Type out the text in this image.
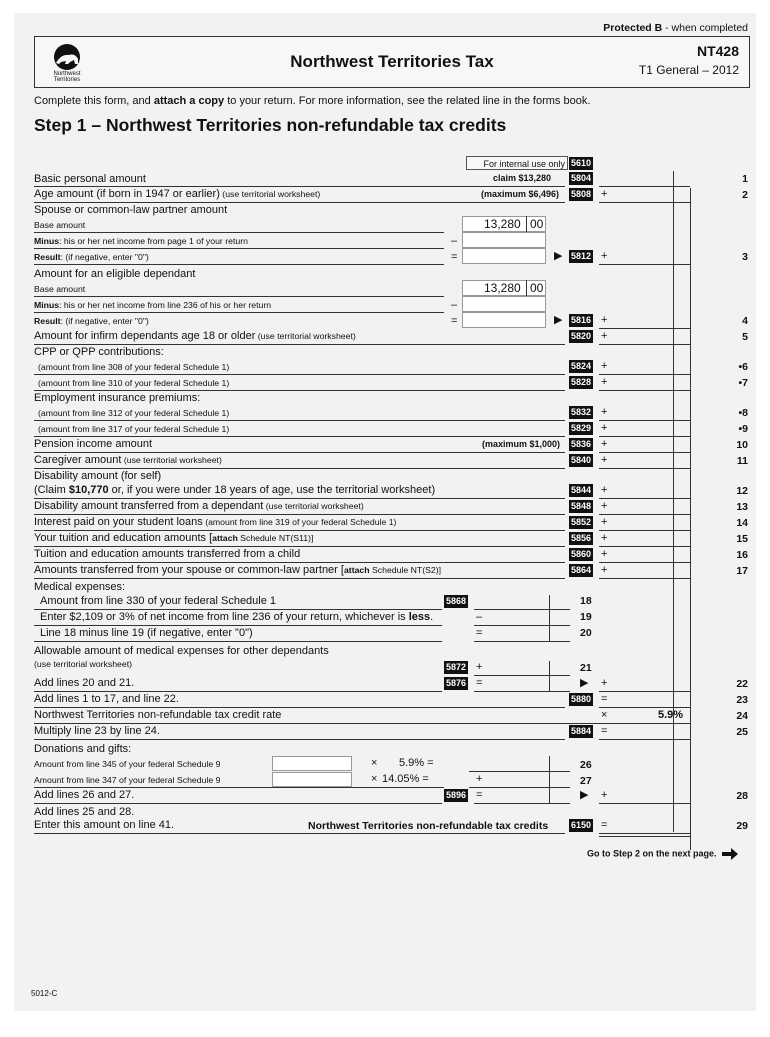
Protected B - when completed
Northwest Territories
Northwest Territories Tax
NT428
T1 General – 2012
Complete this form, and attach a copy to your return. For more information, see the related line in the forms book.
Step 1 – Northwest Territories non-refundable tax credits
For internal use only 5610
Basic personal amount	claim $13,280 5804	1
Age amount (if born in 1947 or earlier) (use territorial worksheet)	(maximum $6,496) 5808 +	2
Spouse or common-law partner amount
Base amount	13,280 00
Minus: his or her net income from page 1 of your return	–
Result: (if negative, enter "0")	=	▶ 5812 +	3
Amount for an eligible dependant
Base amount	13,280 00
Minus: his or her net income from line 236 of his or her return	–
Result: (if negative, enter "0")	=	▶ 5816 +	4
Amount for infirm dependants age 18 or older (use territorial worksheet)	5820 +	5
CPP or QPP contributions:
(amount from line 308 of your federal Schedule 1)	5824 +	•6
(amount from line 310 of your federal Schedule 1)	5828 +	•7
Employment insurance premiums:
(amount from line 312 of your federal Schedule 1)	5832 +	•8
(amount from line 317 of your federal Schedule 1)	5829 +	•9
Pension income amount	(maximum $1,000) 5836 +	10
Caregiver amount (use territorial worksheet)	5840 +	11
Disability amount (for self)
(Claim $10,770 or, if you were under 18 years of age, use the territorial worksheet)	5844 +	12
Disability amount transferred from a dependant (use territorial worksheet)	5848 +	13
Interest paid on your student loans (amount from line 319 of your federal Schedule 1)	5852 +	14
Your tuition and education amounts [attach Schedule NT(S11)]	5856 +	15
Tuition and education amounts transferred from a child	5860 +	16
Amounts transferred from your spouse or common-law partner [attach Schedule NT(S2)]	5864 +	17
Medical expenses:
Amount from line 330 of your federal Schedule 1	5868	18
Enter $2,109 or 3% of net income from line 236 of your return, whichever is less.	–	19
Line 18 minus line 19 (if negative, enter "0")	=	20
Allowable amount of medical expenses for other dependants
(use territorial worksheet)	5872 +	21
Add lines 20 and 21.	5876 =	▶ +	22
Add lines 1 to 17, and line 22.	5880 =	23
Northwest Territories non-refundable tax credit rate	×	5.9%	24
Multiply line 23 by line 24.	5884 =	25
Donations and gifts:
Amount from line 345 of your federal Schedule 9	× 5.9% =	26
Amount from line 347 of your federal Schedule 9	× 14.05% =	+	27
Add lines 26 and 27.	5896 =	▶ +	28
Add lines 25 and 28.
Enter this amount on line 41.	Northwest Territories non-refundable tax credits	6150 =	29
Go to Step 2 on the next page.
5012-C
